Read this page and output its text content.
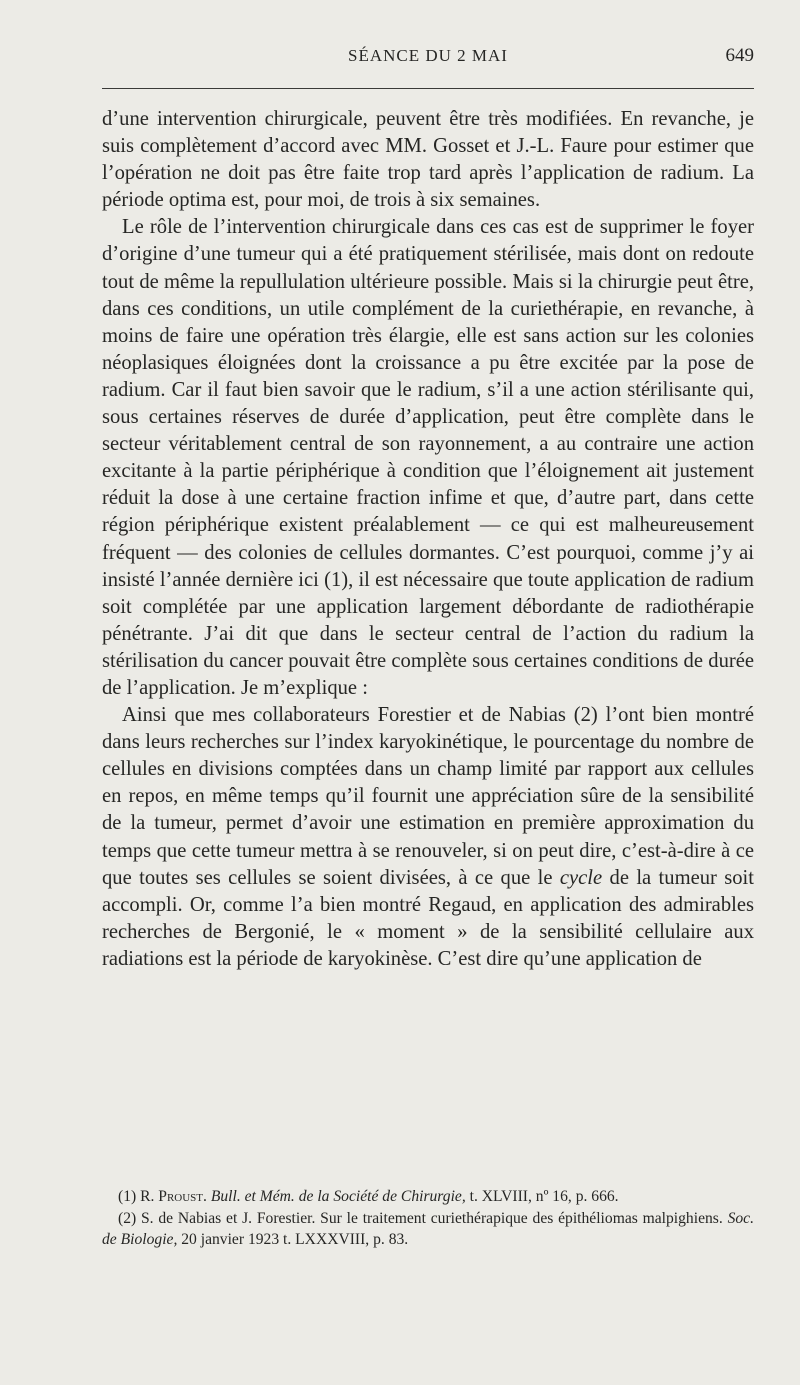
SÉANCE DU 2 MAI	649

d’une intervention chirurgicale, peuvent être très modifiées. En revanche, je suis complètement d’accord avec MM. Gosset et J.-L. Faure pour estimer que l’opération ne doit pas être faite trop tard après l’application de radium. La période optima est, pour moi, de trois à six semaines.

Le rôle de l’intervention chirurgicale dans ces cas est de supprimer le foyer d’origine d’une tumeur qui a été pratiquement stérilisée, mais dont on redoute tout de même la repullulation ultérieure possible. Mais si la chirurgie peut être, dans ces conditions, un utile complément de la curiethérapie, en revanche, à moins de faire une opération très élargie, elle est sans action sur les colonies néoplasiques éloignées dont la croissance a pu être excitée par la pose de radium. Car il faut bien savoir que le radium, s’il a une action stérilisante qui, sous certaines réserves de durée d’application, peut être complète dans le secteur véritablement central de son rayonnement, a au contraire une action excitante à la partie périphérique à condition que l’éloignement ait justement réduit la dose à une certaine fraction infime et que, d’autre part, dans cette région périphérique existent préalablement — ce qui est malheureusement fréquent — des colonies de cellules dormantes. C’est pourquoi, comme j’y ai insisté l’année dernière ici (1), il est nécessaire que toute application de radium soit complétée par une application largement débordante de radiothérapie pénétrante. J’ai dit que dans le secteur central de l’action du radium la stérilisation du cancer pouvait être complète sous certaines conditions de durée de l’application. Je m’explique :

Ainsi que mes collaborateurs Forestier et de Nabias (2) l’ont bien montré dans leurs recherches sur l’index karyokinétique, le pourcentage du nombre de cellules en divisions comptées dans un champ limité par rapport aux cellules en repos, en même temps qu’il fournit une appréciation sûre de la sensibilité de la tumeur, permet d’avoir une estimation en première approximation du temps que cette tumeur mettra à se renouveler, si on peut dire, c’est-à-dire à ce que toutes ses cellules se soient divisées, à ce que le cycle de la tumeur soit accompli. Or, comme l’a bien montré Regaud, en application des admirables recherches de Bergonié, le « moment » de la sensibilité cellulaire aux radiations est la période de karyokinèse. C’est dire qu’une application de

(1) R. Proust. Bull. et Mém. de la Société de Chirurgie, t. XLVIII, nº 16, p. 666.

(2) S. de Nabias et J. Forestier. Sur le traitement curiethérapique des épithéliomas malpighiens. Soc. de Biologie, 20 janvier 1923 t. LXXXVIII, p. 83.
